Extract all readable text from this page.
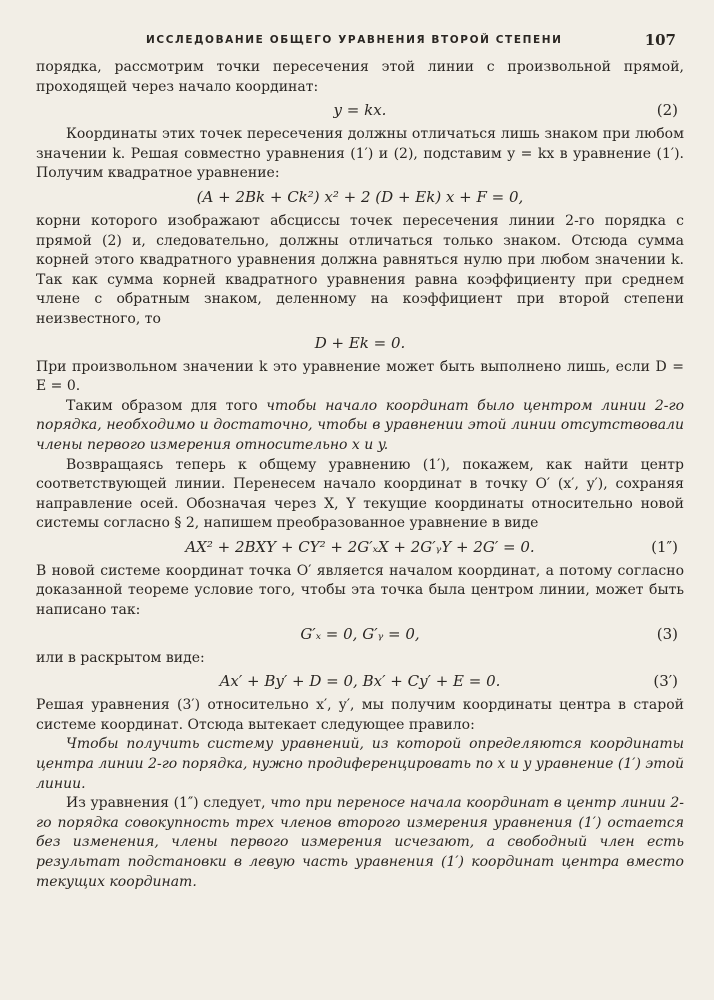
ИССЛЕДОВАНИЕ ОБЩЕГО УРАВНЕНИЯ ВТОРОЙ СТЕПЕНИ	107

порядка, рассмотрим точки пересечения этой линии с произвольной прямой, проходящей через начало координат:

y = kx.	(2)

Координаты этих точек пересечения должны отличаться лишь знаком при любом значении k. Решая совместно уравнения (1′) и (2), подставим y = kx в уравнение (1′). Получим квадратное уравнение:

(A + 2Bk + Ck²) x² + 2 (D + Ek) x + F = 0,

корни которого изображают абсциссы точек пересечения линии 2-го порядка с прямой (2) и, следовательно, должны отличаться только знаком. Отсюда сумма корней этого квадратного уравнения должна равняться нулю при любом значении k. Так как сумма корней квадратного уравнения равна коэффициенту при среднем члене с обратным знаком, деленному на коэффициент при второй степени неизвестного, то

D + Ek = 0.

При произвольном значении k это уравнение может быть выполнено лишь, если D = E = 0.

Таким образом для того чтобы начало координат было центром линии 2-го порядка, необходимо и достаточно, чтобы в уравнении этой линии отсутствовали члены первого измерения относительно x и y.

Возвращаясь теперь к общему уравнению (1′), покажем, как найти центр соответствующей линии. Перенесем начало координат в точку O′ (x′, y′), сохраняя направление осей. Обозначая через X, Y текущие координаты относительно новой системы согласно § 2, напишем преобразованное уравнение в виде

AX² + 2BXY + CY² + 2G′ₓX + 2G′ᵧY + 2G′ = 0.	(1″)

В новой системе координат точка O′ является началом координат, а потому согласно доказанной теореме условие того, чтобы эта точка была центром линии, может быть написано так:

G′ₓ = 0, G′ᵧ = 0,	(3)

или в раскрытом виде:

Ax′ + By′ + D = 0, Bx′ + Cy′ + E = 0.	(3′)

Решая уравнения (3′) относительно x′, y′, мы получим координаты центра в старой системе координат. Отсюда вытекает следующее правило:

Чтобы получить систему уравнений, из которой определяются координаты центра линии 2-го порядка, нужно продиференцировать по x и y уравнение (1′) этой линии.

Из уравнения (1″) следует, что при переносе начала координат в центр линии 2-го порядка совокупность трех членов второго измерения уравнения (1′) остается без изменения, члены первого измерения исчезают, а свободный член есть результат подстановки в левую часть уравнения (1′) координат центра вместо текущих координат.
